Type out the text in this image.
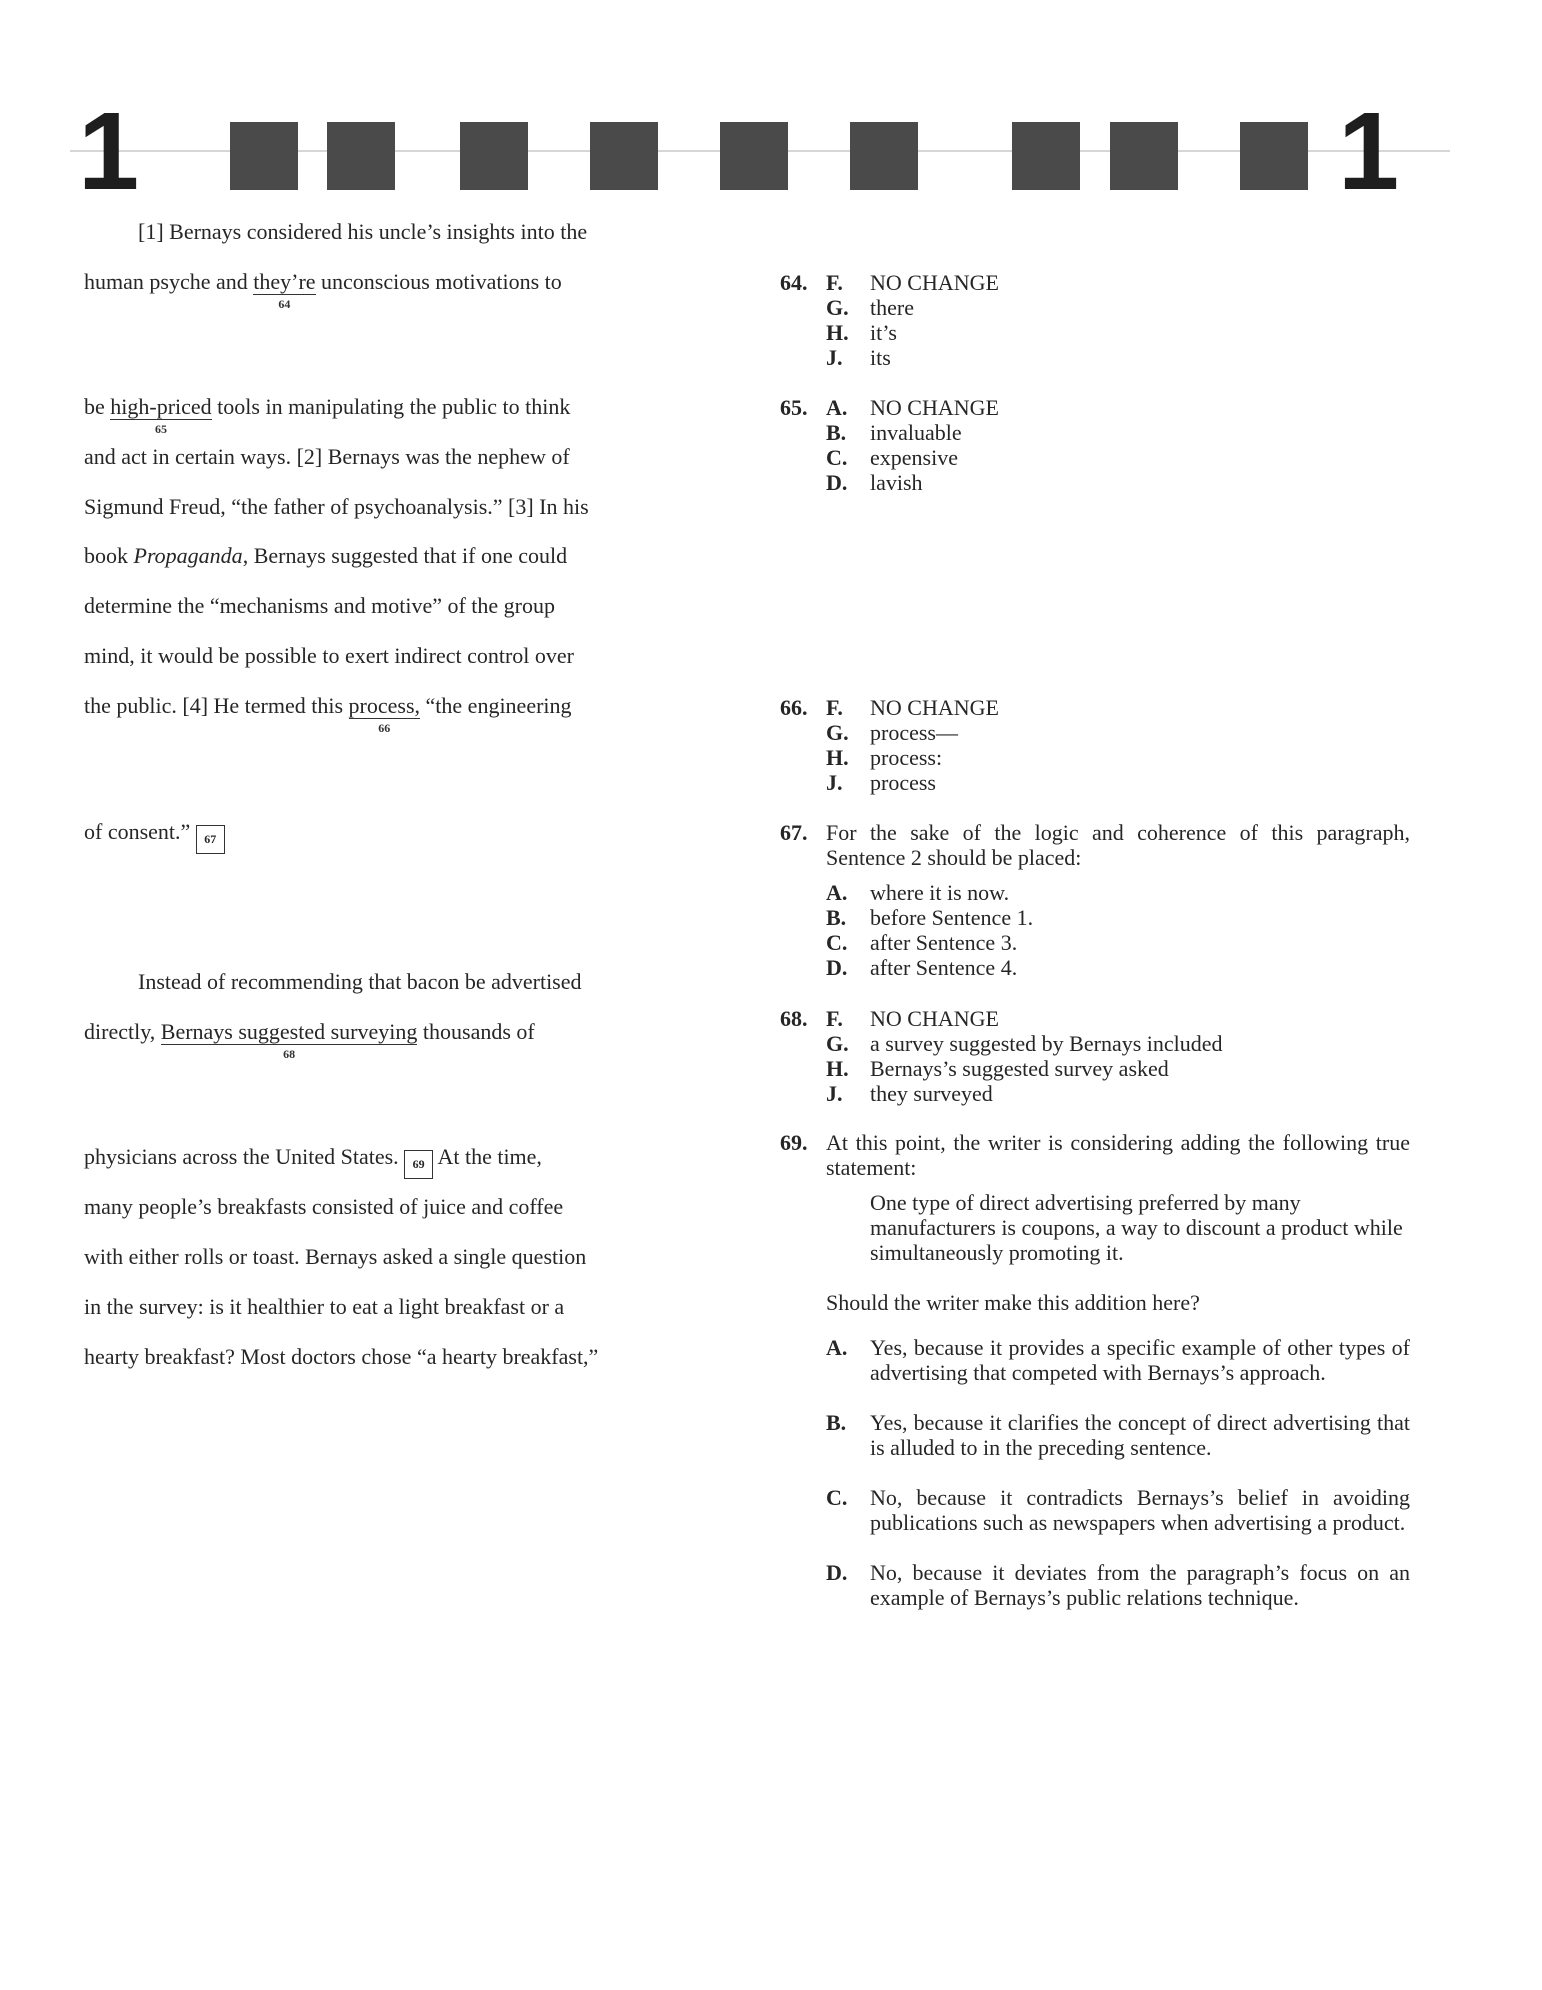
1	1
[1] Bernays considered his uncle’s insights into the
human psyche and they’re
64
unconscious motivations to
be high-priced
65
tools in manipulating the public to think
and act in certain ways. [2] Bernays was the nephew of
Sigmund Freud, “the father of psychoanalysis.” [3] In his
book Propaganda, Bernays suggested that if one could
determine the “mechanisms and motive” of the group
mind, it would be possible to exert indirect control over
the public. [4] He termed this process,
66
“the engineering
of consent.” 67
Instead of recommending that bacon be advertised
directly, Bernays suggested surveying
68
thousands of
physicians across the United States. 69 At the time,
many people’s breakfasts consisted of juice and coffee
with either rolls or toast. Bernays asked a single question
in the survey: is it healthier to eat a light breakfast or a
hearty breakfast? Most doctors chose “a hearty breakfast,”
64. F. NO CHANGE
G. there
H. it’s
J. its
65. A. NO CHANGE
B. invaluable
C. expensive
D. lavish
66. F. NO CHANGE
G. process—
H. process:
J. process
67. For the sake of the logic and coherence of this paragraph, Sentence 2 should be placed:
A. where it is now.
B. before Sentence 1.
C. after Sentence 3.
D. after Sentence 4.
68. F. NO CHANGE
G. a survey suggested by Bernays included
H. Bernays’s suggested survey asked
J. they surveyed
69. At this point, the writer is considering adding the following true statement:
One type of direct advertising preferred by many manufacturers is coupons, a way to discount a product while simultaneously promoting it.
Should the writer make this addition here?
A. Yes, because it provides a specific example of other types of advertising that competed with Bernays’s approach.
B. Yes, because it clarifies the concept of direct advertising that is alluded to in the preceding sentence.
C. No, because it contradicts Bernays’s belief in avoiding publications such as newspapers when advertising a product.
D. No, because it deviates from the paragraph’s focus on an example of Bernays’s public relations technique.
